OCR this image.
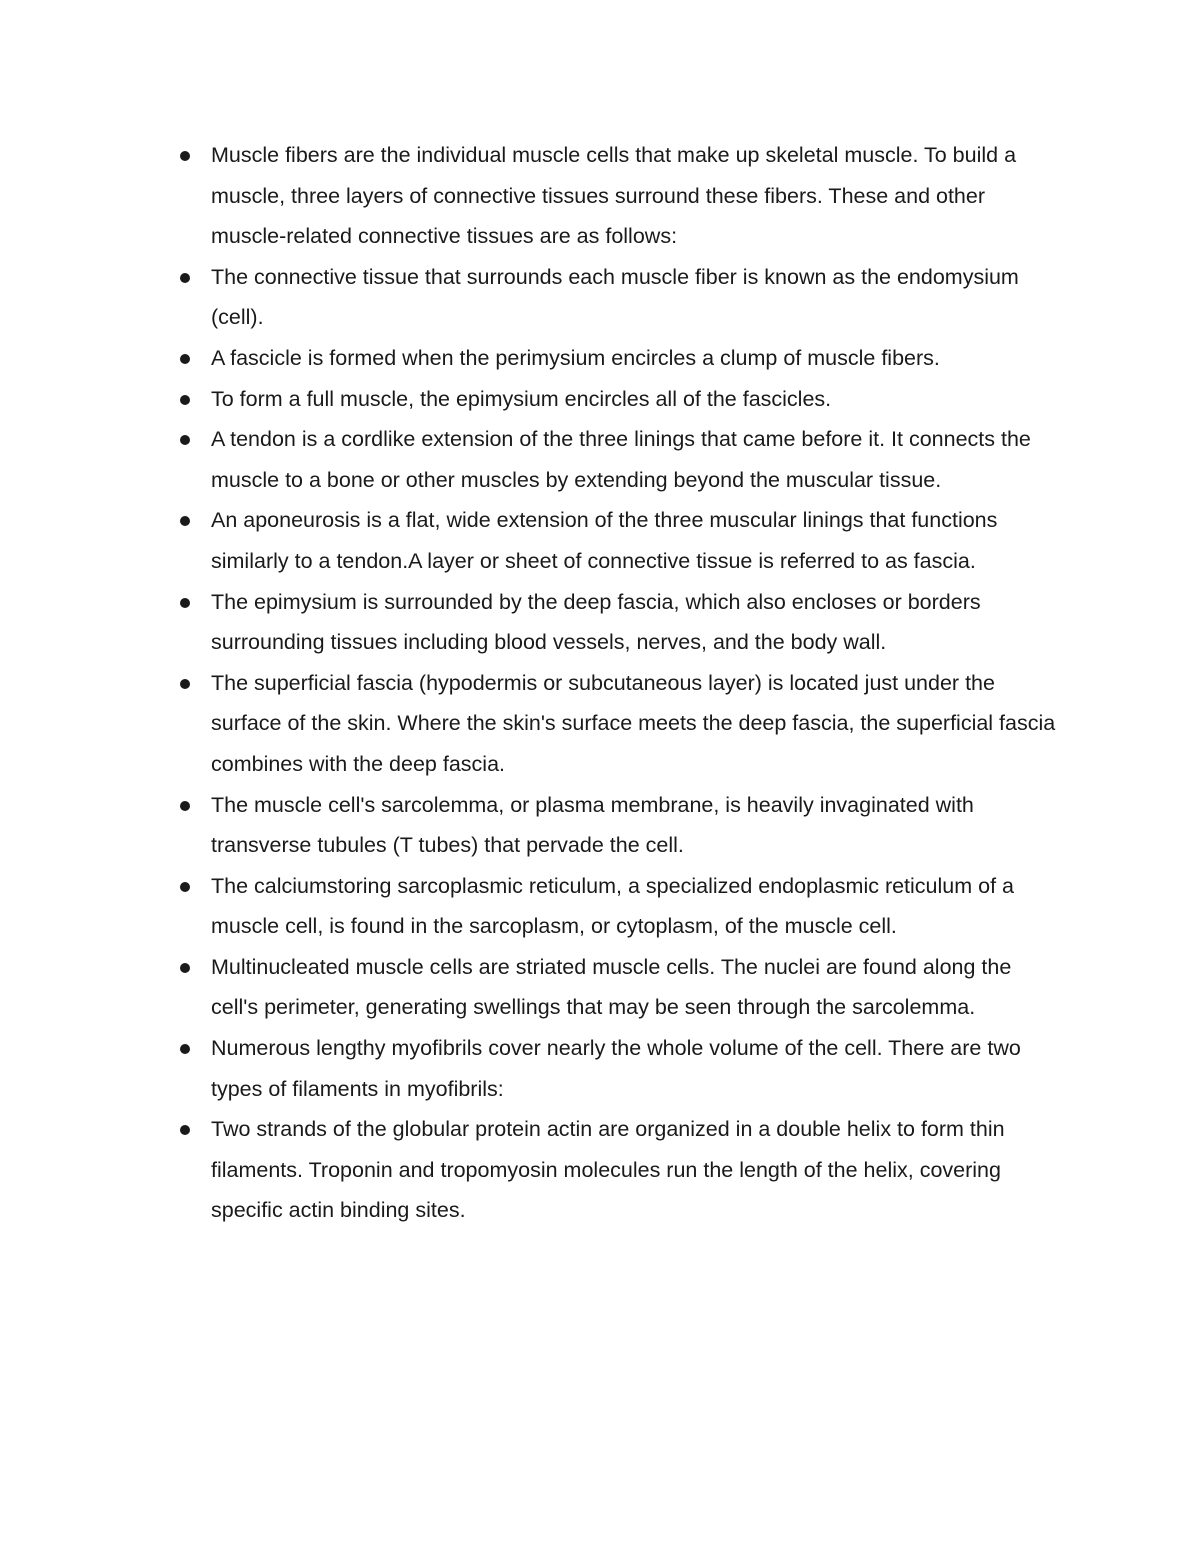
Muscle fibers are the individual muscle cells that make up skeletal muscle. To build a muscle, three layers of connective tissues surround these fibers. These and other muscle-related connective tissues are as follows:
The connective tissue that surrounds each muscle fiber is known as the endomysium (cell).
A fascicle is formed when the perimysium encircles a clump of muscle fibers.
To form a full muscle, the epimysium encircles all of the fascicles.
A tendon is a cordlike extension of the three linings that came before it. It connects the muscle to a bone or other muscles by extending beyond the muscular tissue.
An aponeurosis is a flat, wide extension of the three muscular linings that functions similarly to a tendon.A layer or sheet of connective tissue is referred to as fascia.
The epimysium is surrounded by the deep fascia, which also encloses or borders surrounding tissues including blood vessels, nerves, and the body wall.
The superficial fascia (hypodermis or subcutaneous layer) is located just under the surface of the skin. Where the skin's surface meets the deep fascia, the superficial fascia combines with the deep fascia.
The muscle cell's sarcolemma, or plasma membrane, is heavily invaginated with transverse tubules (T tubes) that pervade the cell.
The calciumstoring sarcoplasmic reticulum, a specialized endoplasmic reticulum of a muscle cell, is found in the sarcoplasm, or cytoplasm, of the muscle cell.
Multinucleated muscle cells are striated muscle cells. The nuclei are found along the cell's perimeter, generating swellings that may be seen through the sarcolemma.
Numerous lengthy myofibrils cover nearly the whole volume of the cell. There are two types of filaments in myofibrils:
Two strands of the globular protein actin are organized in a double helix to form thin filaments. Troponin and tropomyosin molecules run the length of the helix, covering specific actin binding sites.
